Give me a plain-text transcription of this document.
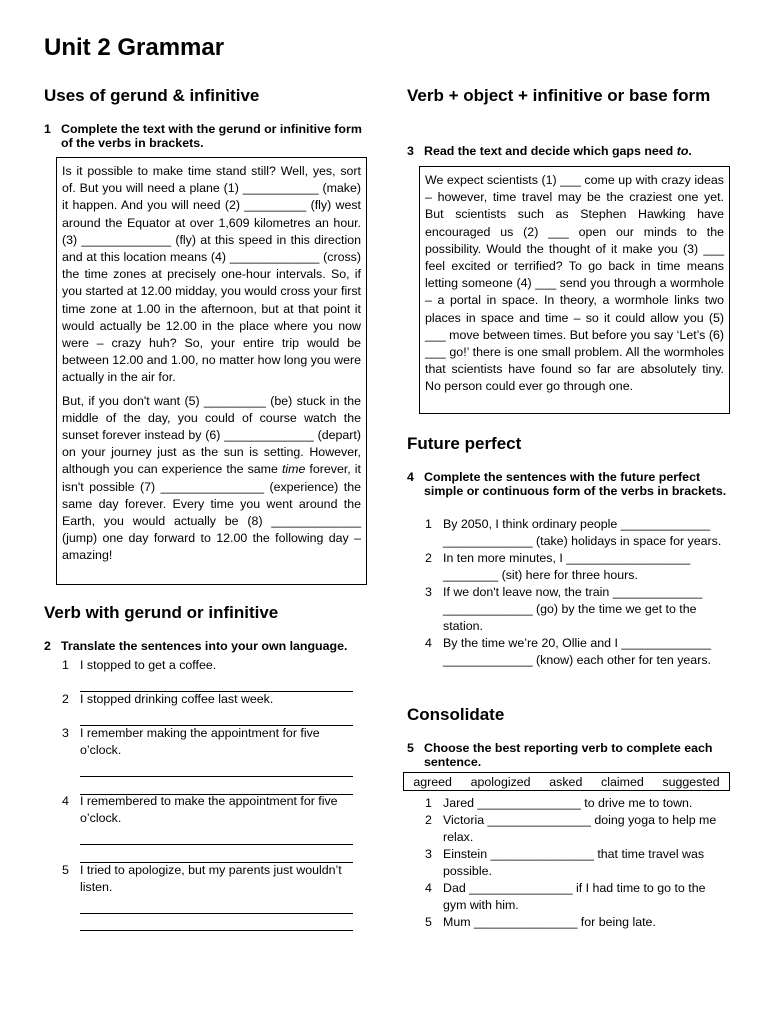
Unit 2 Grammar
Uses of gerund & infinitive
1 Complete the text with the gerund or infinitive form of the verbs in brackets.

Is it possible to make time stand still? Well, yes, sort of. But you will need a plane (1) ___________ (make) it happen. And you will need (2) _________ (fly) west around the Equator at over 1,609 kilometres an hour. (3) _____________ (fly) at this speed in this direction and at this location means (4) _____________ (cross) the time zones at precisely one-hour intervals. So, if you started at 12.00 midday, you would cross your first time zone at 1.00 in the afternoon, but at that point it would actually be 12.00 in the place where you now were – crazy huh? So, your entire trip would be between 12.00 and 1.00, no matter how long you were actually in the air for.

But, if you don't want (5) _________ (be) stuck in the middle of the day, you could of course watch the sunset forever instead by (6) _____________ (depart) on your journey just as the sun is setting. However, although you can experience the same time forever, it isn't possible (7) _______________ (experience) the same day forever. Every time you went around the Earth, you would actually be (8) _____________ (jump) one day forward to 12.00 the following day – amazing!

Verb with gerund or infinitive
2 Translate the sentences into your own language.
1 I stopped to get a coffee.
2 I stopped drinking coffee last week.
3 I remember making the appointment for five o’clock.
4 I remembered to make the appointment for five o’clock.
5 I tried to apologize, but my parents just wouldn’t listen.
Verb + object + infinitive or base form
3 Read the text and decide which gaps need to.

We expect scientists (1) ___ come up with crazy ideas – however, time travel may be the craziest one yet. But scientists such as Stephen Hawking have encouraged us (2) ___ open our minds to the possibility. Would the thought of it make you (3) ___ feel excited or terrified? To go back in time means letting someone (4) ___ send you through a wormhole – a portal in space. In theory, a wormhole links two places in space and time – so it could allow you (5) ___ move between times. But before you say ‘Let’s (6) ___ go!’ there is one small problem. All the wormholes that scientists have found so far are absolutely tiny. No person could ever go through one.

Future perfect
4 Complete the sentences with the future perfect simple or continuous form of the verbs in brackets.
1 By 2050, I think ordinary people _____________ _____________ (take) holidays in space for years.
2 In ten more minutes, I __________________ ________ (sit) here for three hours.
3 If we don't leave now, the train _____________ _____________ (go) by the time we get to the station.
4 By the time we’re 20, Ollie and I _____________ _____________ (know) each other for ten years.
Consolidate
5 Choose the best reporting verb to complete each sentence.
agreed apologized asked claimed suggested
1 Jared _______________ to drive me to town.
2 Victoria _______________ doing yoga to help me relax.
3 Einstein _______________ that time travel was possible.
4 Dad _______________ if I had time to go to the gym with him.
5 Mum _______________ for being late.
